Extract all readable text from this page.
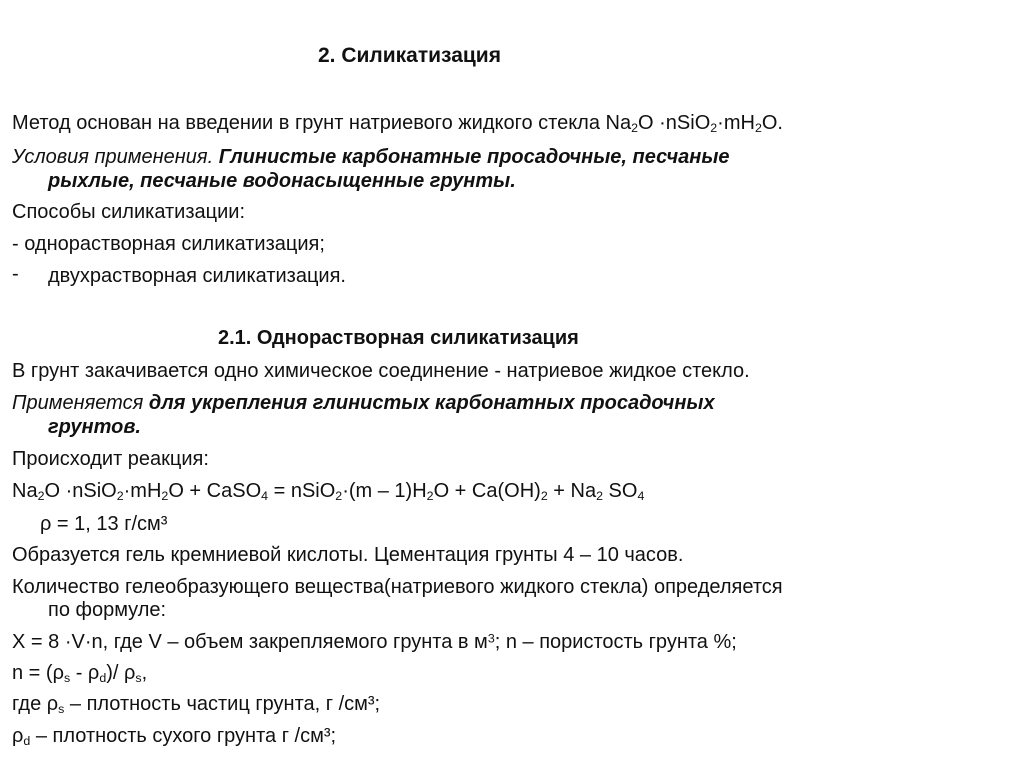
2. Силикатизация
Метод основан на введении в грунт натриевого жидкого стекла $Na_2O$ $\cdot nSiO_2\cdot mH_2O$.
Условия применения. Глинистые карбонатные просадочные, песчаные
рыхлые, песчаные водонасыщенные грунты.
Способы силикатизации:
- однорастворная силикатизация;
- двухрастворная силикатизация.
2.1. Однорастворная силикатизация
В грунт закачивается одно химическое соединение - натриевое жидкое стекло.
Применяется для укрепления глинистых карбонатных просадочных
грунтов.
Происходит реакция:
$Na_2O$ $\cdot nSiO_2\cdot mH_2O$ + CaSO$_4$ = nSiO$_2$·(m – $1)H_2O + Ca(OH)_2 + Na_2$ $SO_4$
ρ = 1, 13 г/см³
Образуется гель кремниевой кислоты. Цементация грунты 4 – 10 часов.
Количество гелеобразующего вещества(натриевого жидкого стекла) определяется
по формуле:
X = 8 ·V·n, где V – объем закрепляемого грунта в $м^3$; n – пористость грунта %;
$n = (\rho_s - \rho_d)/$ $\rho_s$,
где $\rho_s$ – плотность частиц грунта, г /см³;
$\rho_d$ – плотность сухого грунта г /см³;
